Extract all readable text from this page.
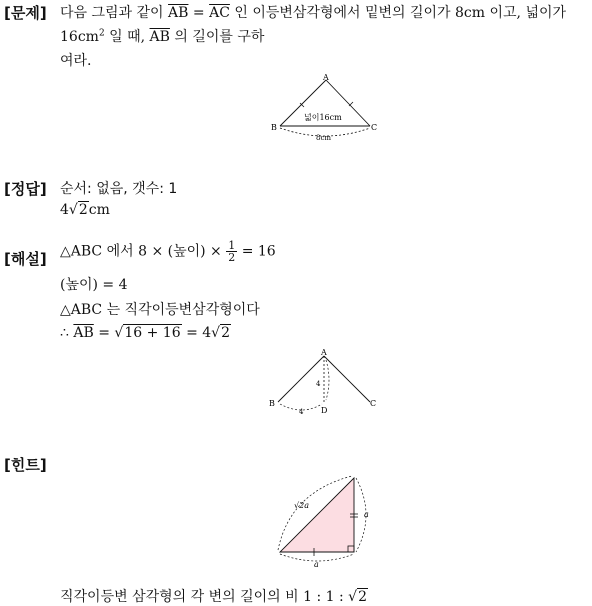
[문제] 다음 그림과 같이 $\overline{AB} = \overline{AC}$ 인 이등변삼각형에서 밑변의 길이가 8cm 이고, 넓이가
$16cm^2$ 일 때, $\overline{AB}$ 의 길이를 구하
여라.
A
B	C
넓이16cm
8cm
[정답] 순서: 없음, 갯수: 1
4√2cm
[해설] △ABC 에서 8 × (높이) × $\frac{1}{2} = 16$
(높이) = 4
△ABC 는 직각이등변삼각형이다
∴ $\overline{AB} = √16 + 16 = 4√2$
A
B	C
D
4
4
[힌트]
√2a
a
a
직각이등변 삼각형의 각 변의 길이의 비 1 : 1 : √2
